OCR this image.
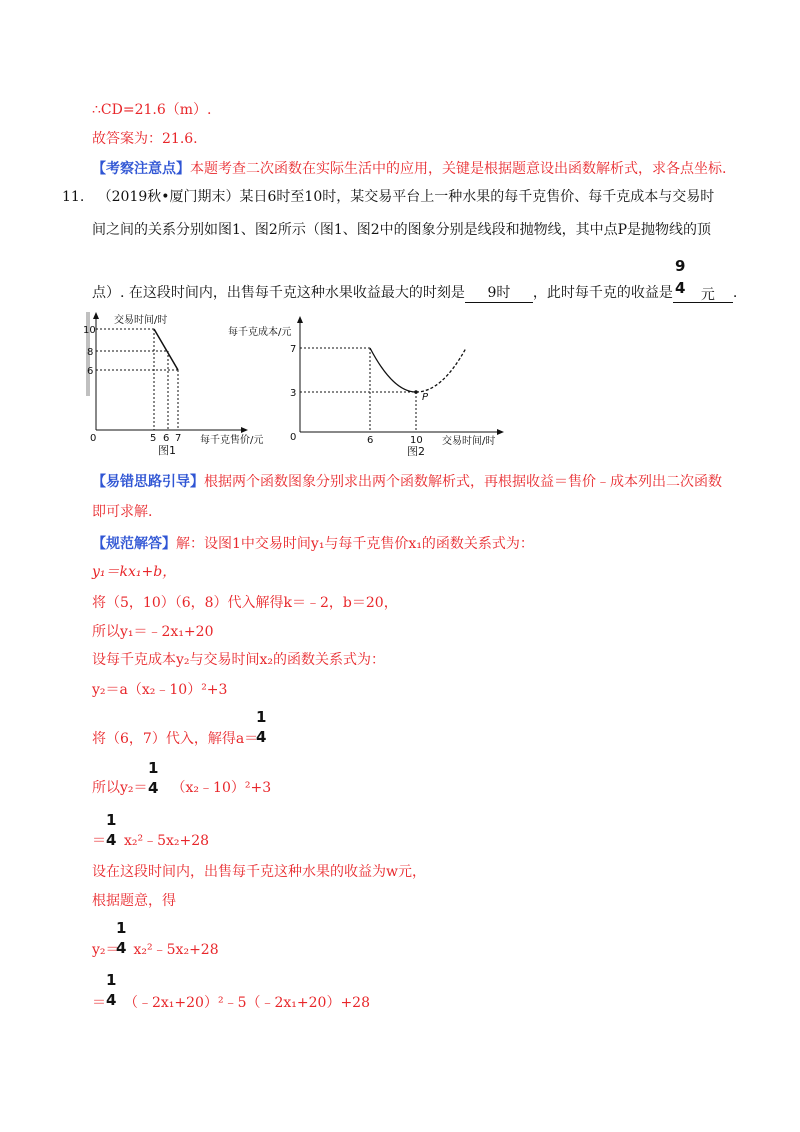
∴CD=21.6（m）.
故答案为：21.6.
【考察注意点】本题考查二次函数在实际生活中的应用，关键是根据题意设出函数解析式，求各点坐标.
11. （2019秋•厦门期末）某日6时至10时，某交易平台上一种水果的每千克售价、每千克成本与交易时
间之间的关系分别如图1、图2所示（图1、图2中的图象分别是线段和抛物线，其中点P是抛物线的顶
点）. 在这段时间内，出售每千克这种水果收益最大的时刻是 9时 ，此时每千克的收益是 元 .
9
4
交易时间/时
10
8
6
0	5 6 7 每千克售价/元
图1
每千克成本/元
P
7
3
0	6	10 交易时间/时
图2
【易错思路引导】根据两个函数图象分别求出两个函数解析式，再根据收益＝售价﹣成本列出二次函数
即可求解.
【规范解答】解：设图1中交易时间y₁与每千克售价x₁的函数关系式为：
y₁＝kx₁+b，
将（5，10）（6，8）代入解得k＝﹣2，b＝20，
所以y₁＝﹣2x₁+20
设每千克成本y₂与交易时间x₂的函数关系式为：
y₂＝a（x₂﹣10）²+3
将（6，7）代入，解得a＝
1
4
所以y₂＝ （x₂﹣10）²+3
1
4
＝ x₂²﹣5x₂+28
1
4
设在这段时间内，出售每千克这种水果的收益为w元，
根据题意，得
y₂＝ x₂²﹣5x₂+28
1
4
＝ （﹣2x₁+20）²﹣5（﹣2x₁+20）+28
1
4
